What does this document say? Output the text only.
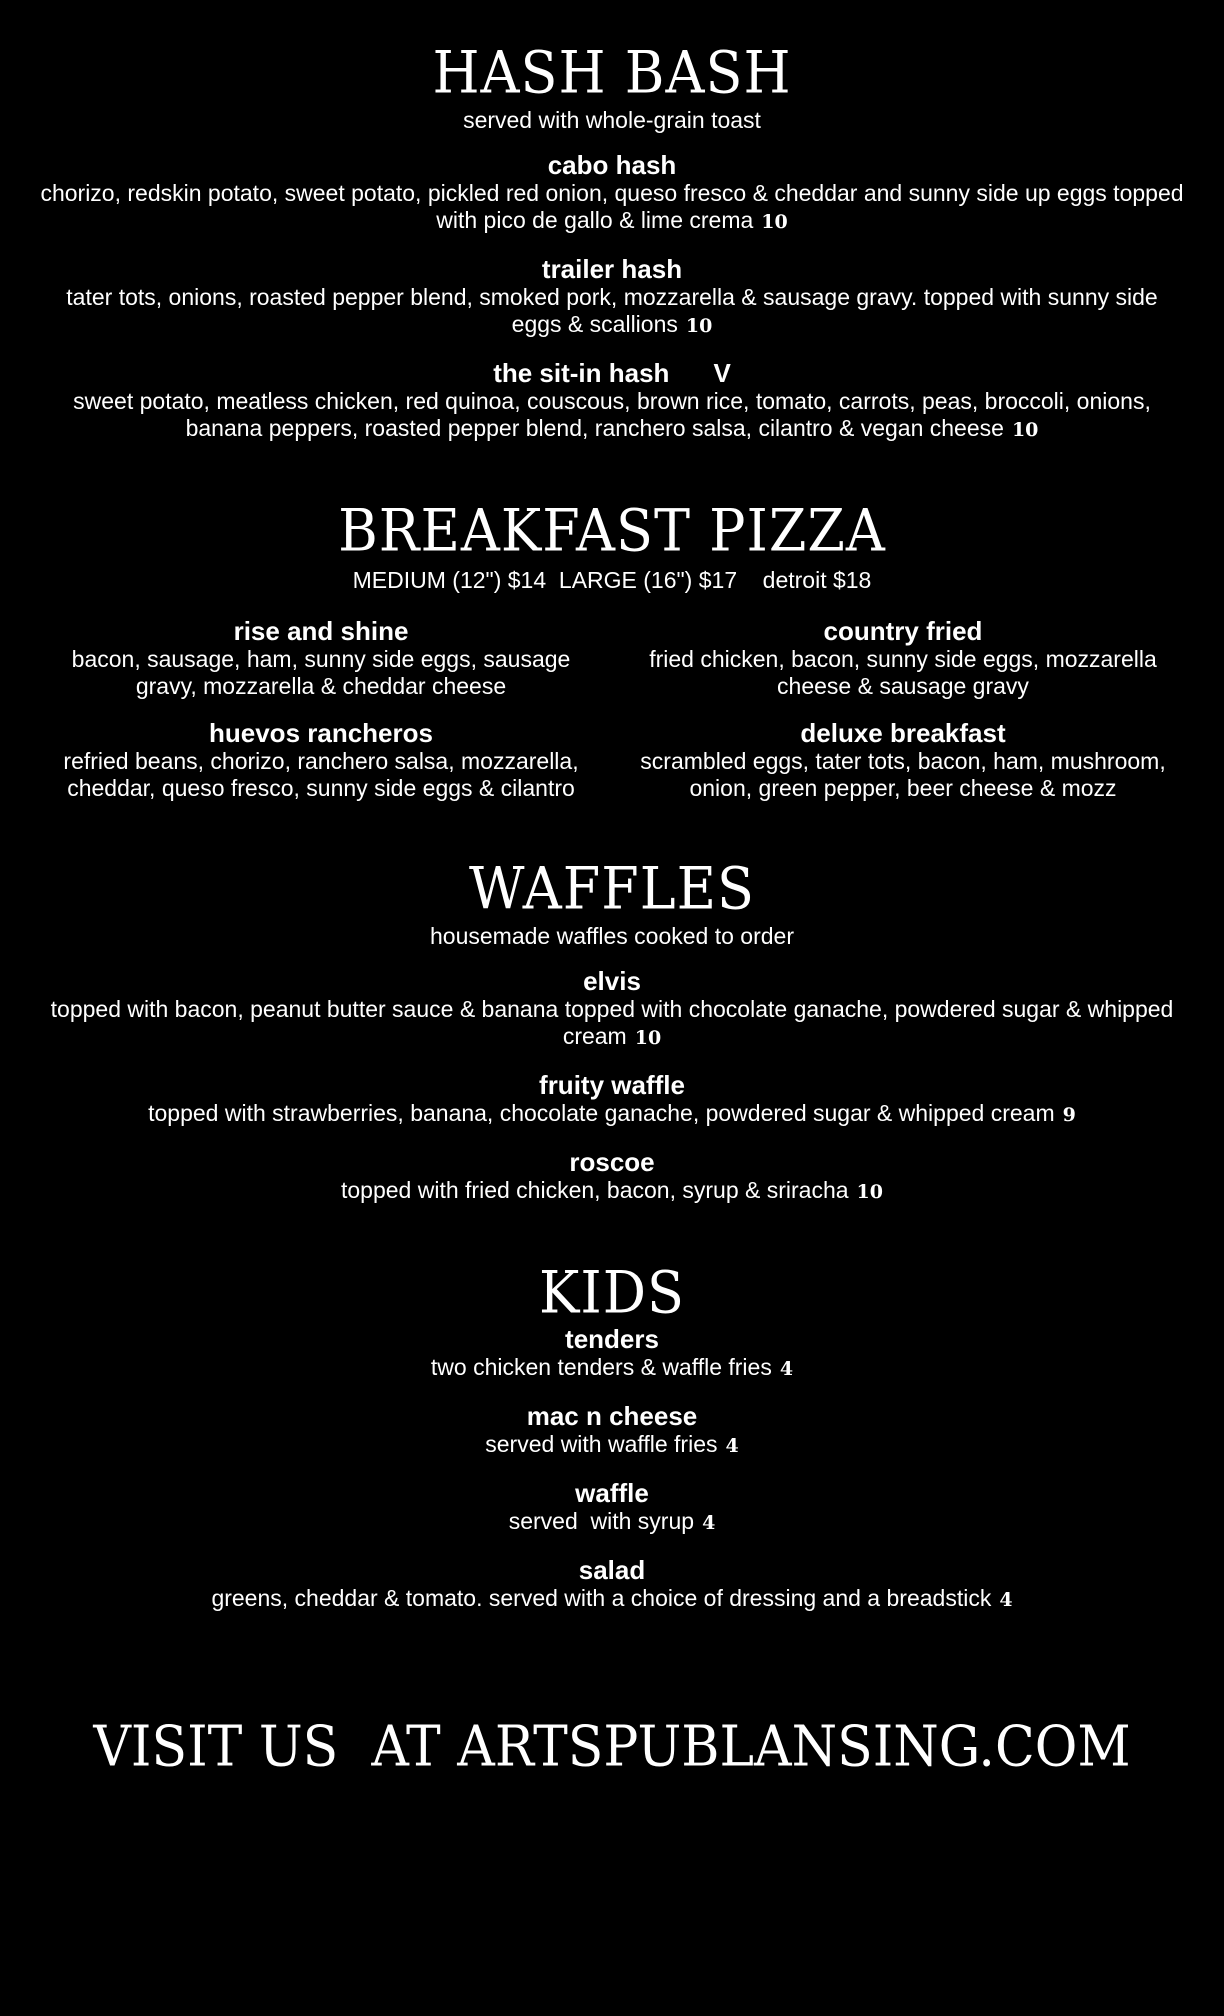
HASH BASH

served with whole-grain toast

cabo hash

chorizo, redskin potato, sweet potato, pickled red onion, queso fresco & cheddar and sunny side up eggs topped with pico de gallo & lime crema 10

trailer hash

tater tots, onions, roasted pepper blend, smoked pork, mozzarella & sausage gravy. topped with sunny side eggs & scallions 10

the sit-in hash V

sweet potato, meatless chicken, red quinoa, couscous, brown rice, tomato, carrots, peas, broccoli, onions, banana peppers, roasted pepper blend, ranchero salsa, cilantro & vegan cheese 10

BREAKFAST PIZZA

MEDIUM (12") $14  LARGE (16") $17    detroit $18

rise and shine

bacon, sausage, ham, sunny side eggs, sausage gravy, mozzarella & cheddar cheese

country fried

fried chicken, bacon, sunny side eggs, mozzarella cheese & sausage gravy

huevos rancheros

refried beans, chorizo, ranchero salsa, mozzarella, cheddar, queso fresco, sunny side eggs & cilantro

deluxe breakfast

scrambled eggs, tater tots, bacon, ham, mushroom, onion, green pepper, beer cheese & mozz

WAFFLES

housemade waffles cooked to order

elvis

topped with bacon, peanut butter sauce & banana topped with chocolate ganache, powdered sugar & whipped cream 10

fruity waffle

topped with strawberries, banana, chocolate ganache, powdered sugar & whipped cream 9

roscoe

topped with fried chicken, bacon, syrup & sriracha 10

KIDS
tenders

two chicken tenders & waffle fries 4

mac n cheese

served with waffle fries 4

waffle

served  with syrup 4

salad

greens, cheddar & tomato. served with a choice of dressing and a breadstick 4

VISIT US  AT ARTSPUBLANSING.COM
